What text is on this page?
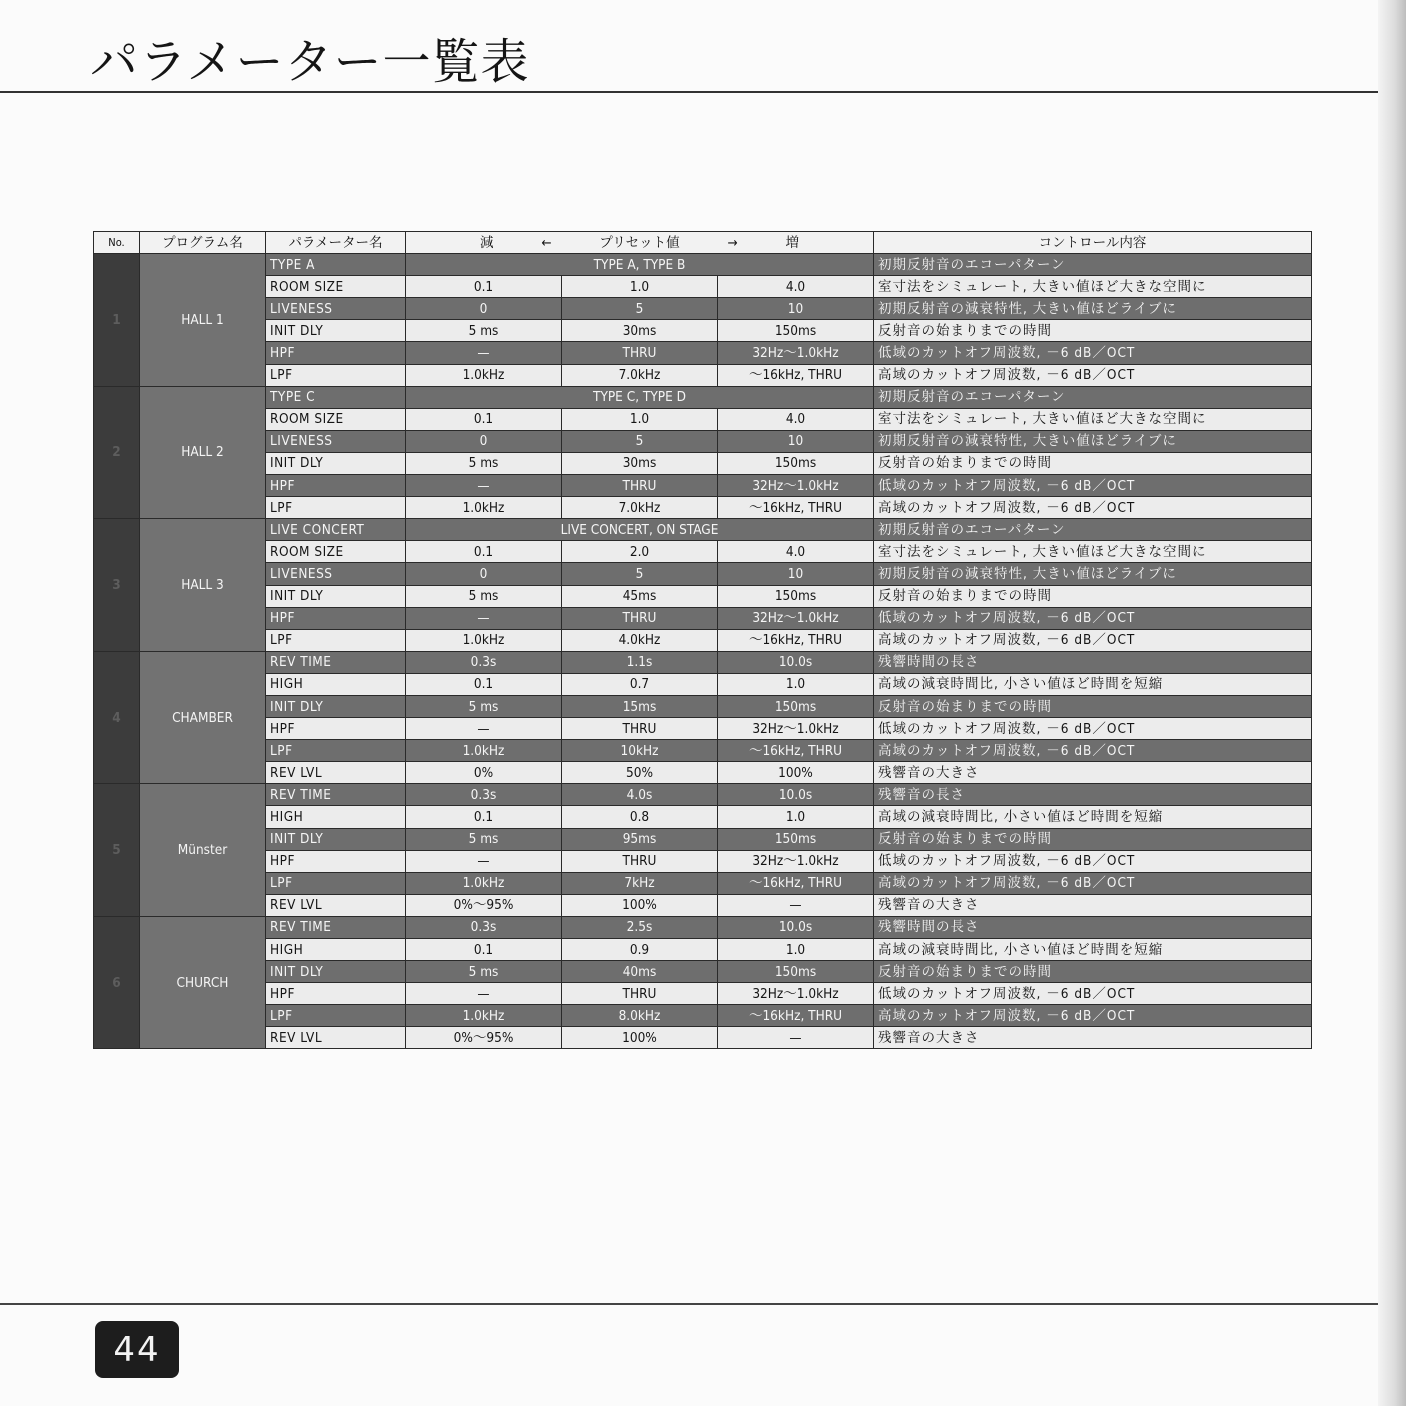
パラメーター一覧表
No.	プログラム名	パラメーター名	減 ← プリセット値 → 増			コントロール内容
1	HALL 1	TYPE A	TYPE A, TYPE B			初期反射音のエコーパターン
		ROOM SIZE	0.1	1.0	4.0	室寸法をシミュレート, 大きい値ほど大きな空間に
		LIVENESS	0	5	10	初期反射音の減衰特性, 大きい値ほどライブに
		INIT DLY	5 ms	30ms	150ms	反射音の始まりまでの時間
		HPF	—	THRU	32Hz～1.0kHz	低域のカットオフ周波数, －6 dB／OCT
		LPF	1.0kHz	7.0kHz	～16kHz, THRU	高域のカットオフ周波数, －6 dB／OCT
2	HALL 2	TYPE C	TYPE C, TYPE D			初期反射音のエコーパターン
		ROOM SIZE	0.1	1.0	4.0	室寸法をシミュレート, 大きい値ほど大きな空間に
		LIVENESS	0	5	10	初期反射音の減衰特性, 大きい値ほどライブに
		INIT DLY	5 ms	30ms	150ms	反射音の始まりまでの時間
		HPF	—	THRU	32Hz～1.0kHz	低域のカットオフ周波数, －6 dB／OCT
		LPF	1.0kHz	7.0kHz	～16kHz, THRU	高域のカットオフ周波数, －6 dB／OCT
3	HALL 3	LIVE CONCERT	LIVE CONCERT, ON STAGE			初期反射音のエコーパターン
		ROOM SIZE	0.1	2.0	4.0	室寸法をシミュレート, 大きい値ほど大きな空間に
		LIVENESS	0	5	10	初期反射音の減衰特性, 大きい値ほどライブに
		INIT DLY	5 ms	45ms	150ms	反射音の始まりまでの時間
		HPF	—	THRU	32Hz～1.0kHz	低域のカットオフ周波数, －6 dB／OCT
		LPF	1.0kHz	4.0kHz	～16kHz, THRU	高域のカットオフ周波数, －6 dB／OCT
4	CHAMBER	REV TIME	0.3s	1.1s	10.0s	残響時間の長さ
		HIGH	0.1	0.7	1.0	高域の減衰時間比, 小さい値ほど時間を短縮
		INIT DLY	5 ms	15ms	150ms	反射音の始まりまでの時間
		HPF	—	THRU	32Hz～1.0kHz	低域のカットオフ周波数, －6 dB／OCT
		LPF	1.0kHz	10kHz	～16kHz, THRU	高域のカットオフ周波数, －6 dB／OCT
		REV LVL	0%	50%	100%	残響音の大きさ
5	Münster	REV TIME	0.3s	4.0s	10.0s	残響音の長さ
		HIGH	0.1	0.8	1.0	高域の減衰時間比, 小さい値ほど時間を短縮
		INIT DLY	5 ms	95ms	150ms	反射音の始まりまでの時間
		HPF	—	THRU	32Hz～1.0kHz	低域のカットオフ周波数, －6 dB／OCT
		LPF	1.0kHz	7kHz	～16kHz, THRU	高域のカットオフ周波数, －6 dB／OCT
		REV LVL	0%～95%	100%	—	残響音の大きさ
6	CHURCH	REV TIME	0.3s	2.5s	10.0s	残響時間の長さ
		HIGH	0.1	0.9	1.0	高域の減衰時間比, 小さい値ほど時間を短縮
		INIT DLY	5 ms	40ms	150ms	反射音の始まりまでの時間
		HPF	—	THRU	32Hz～1.0kHz	低域のカットオフ周波数, －6 dB／OCT
		LPF	1.0kHz	8.0kHz	～16kHz, THRU	高域のカットオフ周波数, －6 dB／OCT
		REV LVL	0%～95%	100%	—	残響音の大きさ
44
